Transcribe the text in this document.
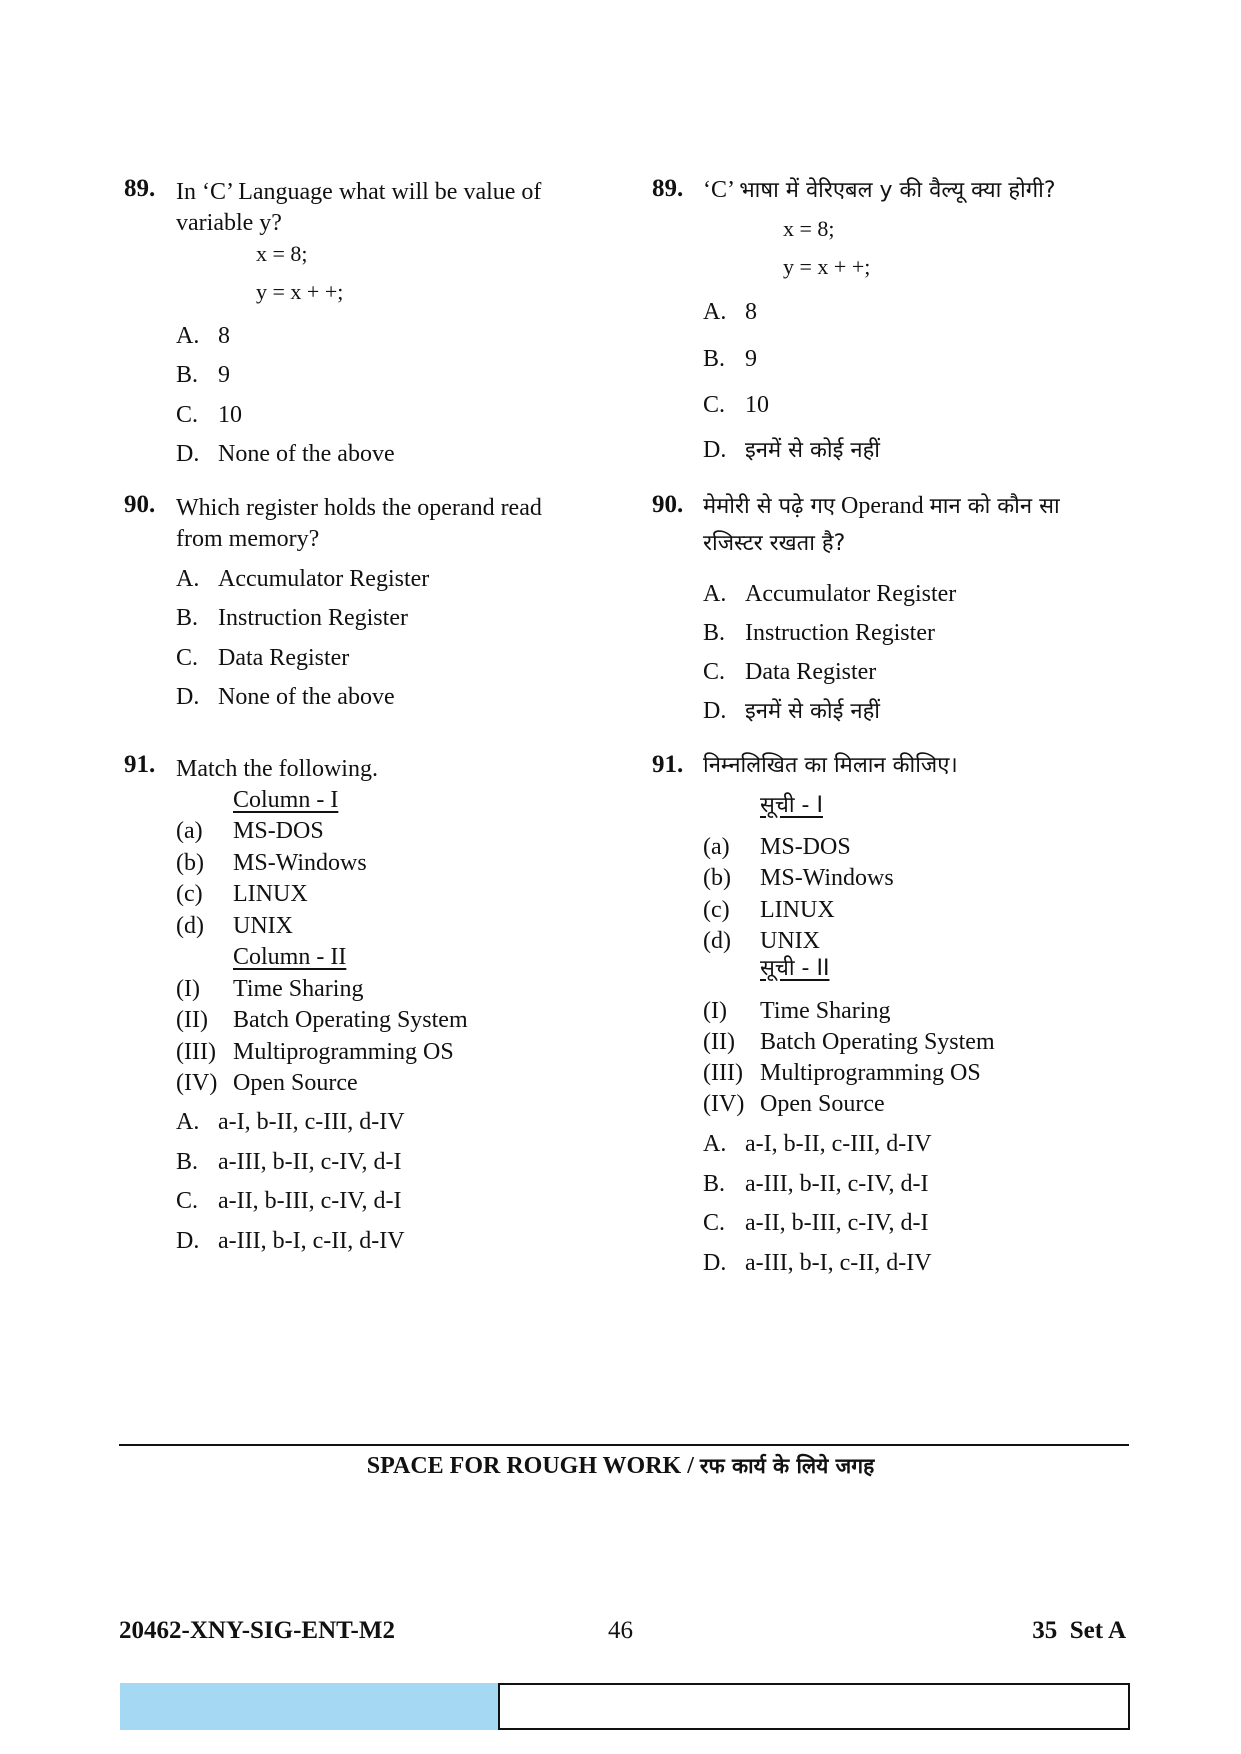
89. In ‘C’ Language what will be value of
variable y?
x = 8;
y = x + +;
A. 8
B. 9
C. 10
D. None of the above
90. Which register holds the operand read
from memory?
A. Accumulator Register
B. Instruction Register
C. Data Register
D. None of the above
91. Match the following.
Column - I
(a) MS-DOS
(b) MS-Windows
(c) LINUX
(d) UNIX
Column - II
(I) Time Sharing
(II) Batch Operating System
(III) Multiprogramming OS
(IV) Open Source
A. a-I, b-II, c-III, d-IV
B. a-III, b-II, c-IV, d-I
C. a-II, b-III, c-IV, d-I
D. a-III, b-I, c-II, d-IV
89. ‘C’ भाषा में वेरिएबल y की वैल्यू क्या होगी?
x = 8;
y = x + +;
A. 8
B. 9
C. 10
D. इनमें से कोई नहीं
90. मेमोरी से पढ़े गए Operand मान को कौन सा
रजिस्टर रखता है?
A. Accumulator Register
B. Instruction Register
C. Data Register
D. इनमें से कोई नहीं
91. निम्नलिखित का मिलान कीजिए।
सूची - I
(a) MS-DOS
(b) MS-Windows
(c) LINUX
(d) UNIX
सूची - II
(I) Time Sharing
(II) Batch Operating System
(III) Multiprogramming OS
(IV) Open Source
A. a-I, b-II, c-III, d-IV
B. a-III, b-II, c-IV, d-I
C. a-II, b-III, c-IV, d-I
D. a-III, b-I, c-II, d-IV
SPACE FOR ROUGH WORK / रफ कार्य के लिये जगह
20462-XNY-SIG-ENT-M2	46	35 Set A
